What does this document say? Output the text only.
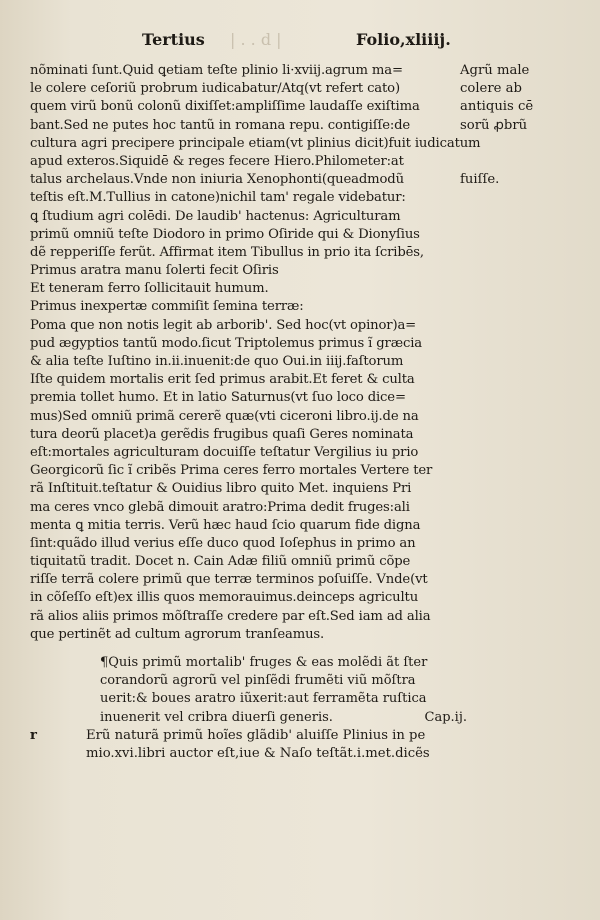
Tertius | . . d |	Folio,xliiij.
nõminati ſunt.Quid ꝗetiam teſte plinio li·xviij.agrum ma=
le colere ceſoriũ probrum iudicabatur/Atq(vt refert cato)
quem virũ bonũ colonũ dixiſſet:ampliſſime laudaſſe exiſtima
bant.Sed ne putes hoc tantũ in romana repu. contigiſſe:de
cultura agri precipere principale etiam(vt plinius dicit)fuit iudicatum
apud exteros.Siquidē & reges fecere Hiero.Philometer:at
talus archelaus.Vnde non iniuria Xenophonti(queadmodũ
teſtis eſt.M.Tullius in catone)nichil tam' regale videbatur:
ꝗ ſtudium agri colēdi. De laudib' hactenus: Agriculturam
primũ omniũ teſte Diodoro in primo Oſiride qui & Dionyſius
dẽ repperiſſe ferũt. Affirmat item Tibullus in prio ita ſcribēs,
Primus aratra manu ſolerti fecit Oſiris
Et teneram ferro ſollicitauit humum.
Primus inexpertæ commiſit ſemina terræ:
Poma que non notis legit ab arborib'. Sed hoc(vt opinor)a=
pud ægyptios tantũ modo.ſicut Triptolemus primus ĩ græcia
& alia teſte Iuſtino in.ii.inuenit:de quo Oui.in iiij.faſtorum
Iſte quidem mortalis erit ſed primus arabit.Et feret & culta
premia tollet humo. Et in latio Saturnus(vt ſuo loco dice=
mus)Sed omniũ primã cererẽ quæ(vti ciceroni libro.ij.de na
tura deorũ placet)a gerẽdis frugibus quaſi Geres nominata
eſt:mortales agriculturam docuiſſe teſtatur Vergilius iu prio
Georgicorũ ſic ĩ cribẽs Prima ceres ferro mortales Vertere ter
rã Inſtituit.teſtatur & Ouidius libro quito Met. inquiens Pri
ma ceres vnco glebã dimouit aratro:Prima dedit fruges:ali
menta ꝗ mitia terris. Verũ hæc haud ſcio quarum fide digna
ſint:quãdo illud verius eſſe duco quod Ioſephus in primo an
tiquitatũ tradit. Docet n. Cain Adæ filiũ omniũ primũ cõpe
riſſe terrã colere primũ que terræ terminos poſuiſſe. Vnde(vt
in cõſeſſo eſt)ex illis quos memorauimus.deinceps agricultu
rã alios aliis primos mõſtraſſe credere par eſt.Sed iam ad alia
que pertinẽt ad cultum agrorum tranſeamus.
Agrũ male
colere ab
antiquis cē
sorũ ꝓbrũ
fuiſſe.
¶Quis primũ mortalib' fruges & eas molẽdi ãt ſter
corandorũ agrorũ vel pinſẽdi frumẽti viũ mõſtra
uerit:& boues aratro iũxerit:aut ferramẽta ruſtica
inuenerit vel cribra diuerſi generis.	Cap.ij.
r	Erũ naturã primũ hoĩes glãdib' aluiſſe Plinius in pe
mio.xvi.libri auctor eſt,iue & Naſo teſtãt.i.met.dicẽs
